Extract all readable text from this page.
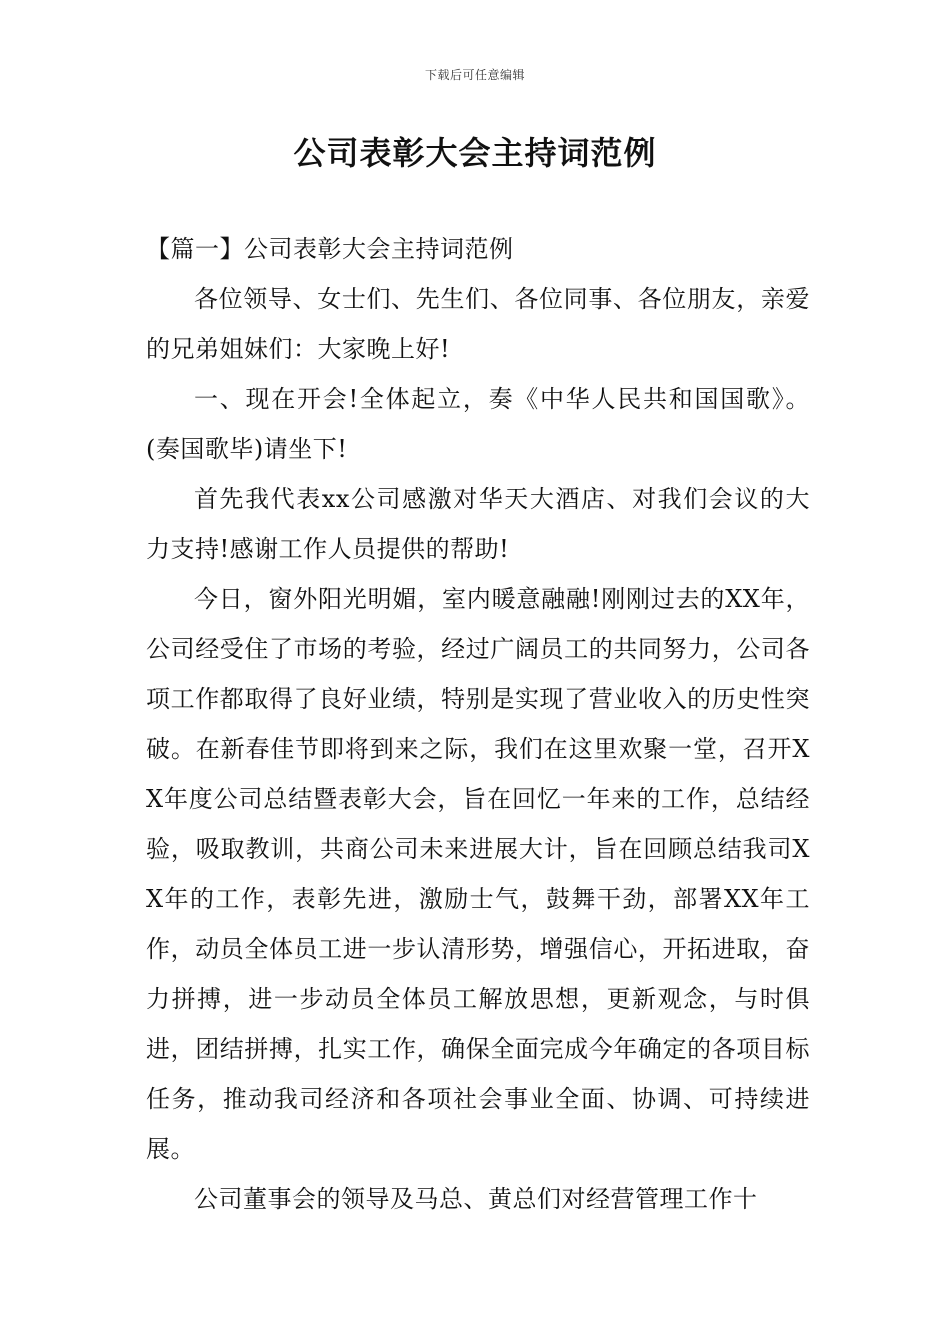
下载后可任意编辑
公司表彰大会主持词范例

【篇一】公司表彰大会主持词范例

各位领导、女士们、先生们、各位同事、各位朋友，亲爱的兄弟姐妹们：大家晚上好!

一、现在开会!全体起立，奏《中华人民共和国国歌》。(奏国歌毕)请坐下!

首先我代表xx公司感激对华天大酒店、对我们会议的大力支持!感谢工作人员提供的帮助!

今日，窗外阳光明媚，室内暖意融融!刚刚过去的XX年，公司经受住了市场的考验，经过广阔员工的共同努力，公司各项工作都取得了良好业绩，特别是实现了营业收入的历史性突破。在新春佳节即将到来之际，我们在这里欢聚一堂，召开XX年度公司总结暨表彰大会，旨在回忆一年来的工作，总结经验，吸取教训，共商公司未来进展大计，旨在回顾总结我司XX年的工作，表彰先进，激励士气，鼓舞干劲，部署XX年工作，动员全体员工进一步认清形势，增强信心，开拓进取，奋力拼搏，进一步动员全体员工解放思想，更新观念，与时俱进，团结拼搏，扎实工作，确保全面完成今年确定的各项目标任务，推动我司经济和各项社会事业全面、协调、可持续进展。

公司董事会的领导及马总、黄总们对经营管理工作十
